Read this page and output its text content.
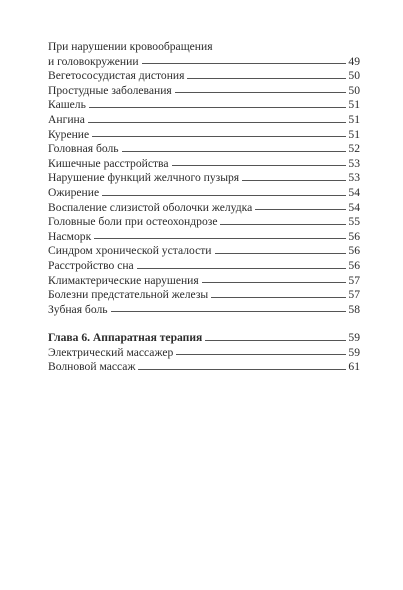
При нарушении кровообращения
и головокружении	49
Вегетососудистая дистония	50
Простудные заболевания	50
Кашель	51
Ангина	51
Курение	51
Головная боль	52
Кишечные расстройства	53
Нарушение функций желчного пузыря	53
Ожирение	54
Воспаление слизистой оболочки желудка	54
Головные боли при остеохондрозе	55
Насморк	56
Синдром хронической усталости	56
Расстройство сна	56
Климактерические нарушения	57
Болезни предстательной железы	57
Зубная боль	58
Глава 6. Аппаратная терапия	59
Электрический массажер	59
Волновой массаж	61
